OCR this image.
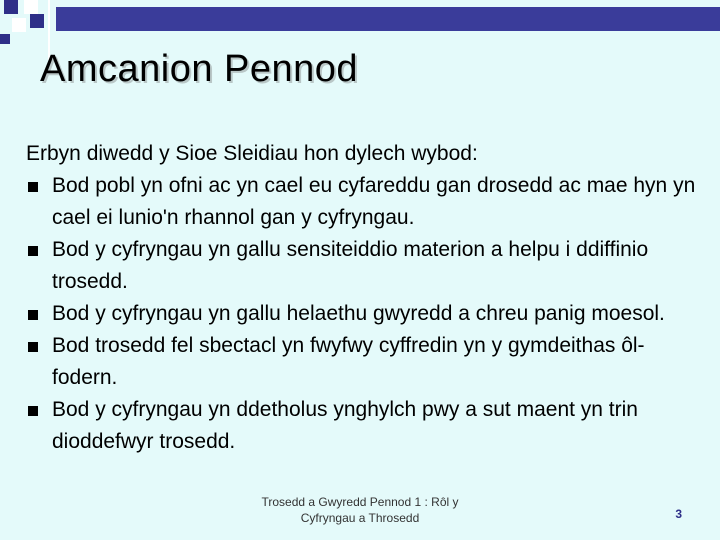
Amcanion Pennod

Erbyn diwedd y Sioe Sleidiau hon dylech wybod:

Bod pobl yn ofni ac yn cael eu cyfareddu gan drosedd ac mae hyn yn cael ei lunio'n rhannol gan y cyfryngau.
Bod y cyfryngau yn gallu sensiteiddio materion a helpu i ddiffinio trosedd.
Bod y cyfryngau yn gallu helaethu gwyredd a chreu panig moesol.
Bod trosedd fel sbectacl yn fwyfwy cyffredin yn y gymdeithas ôl-fodern.
Bod y cyfryngau yn ddetholus ynghylch pwy a sut maent yn trin dioddefwyr trosedd.
Trosedd a Gwyredd Pennod 1 : Rôl y
Cyfryngau a Throsedd	3
